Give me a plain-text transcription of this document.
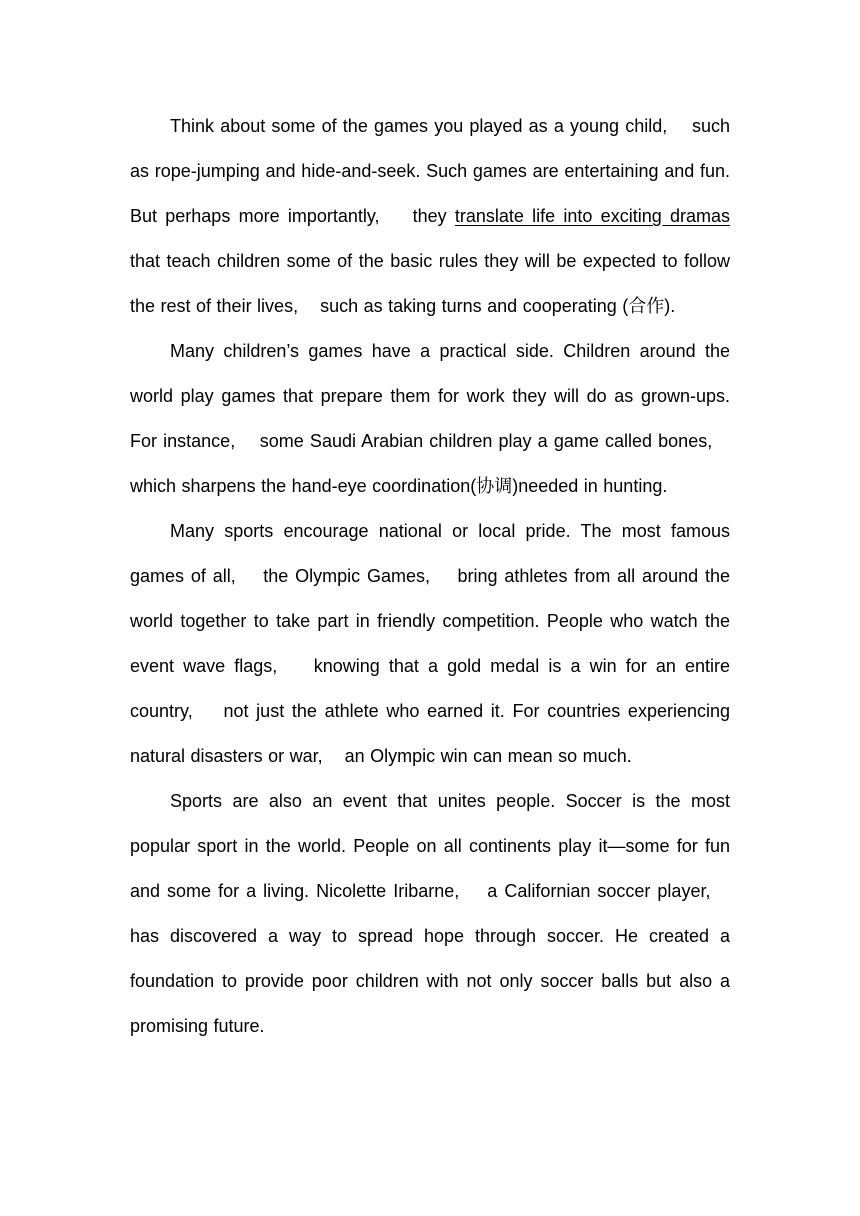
Think about some of the games you played as a young child,    such as rope-jumping and hide-and-seek. Such games are entertaining and fun. But perhaps more importantly,    they translate life into exciting dramas that teach children some of the basic rules they will be expected to follow the rest of their lives,    such as taking turns and cooperating (合作).

Many children’s games have a practical side. Children around the world play games that prepare them for work they will do as grown-ups. For instance,    some Saudi Arabian children play a game called bones,    which sharpens the hand-eye coordination(协调)needed in hunting.

Many sports encourage national or local pride. The most famous games of all,    the Olympic Games,    bring athletes from all around the world together to take part in friendly competition. People who watch the event wave flags,    knowing that a gold medal is a win for an entire country,    not just the athlete who earned it. For countries experiencing natural disasters or war,    an Olympic win can mean so much.

Sports are also an event that unites people. Soccer is the most popular sport in the world. People on all continents play it—some for fun and some for a living. Nicolette Iribarne,    a Californian soccer player,    has discovered a way to spread hope through soccer. He created a foundation to provide poor children with not only soccer balls but also a promising future.
